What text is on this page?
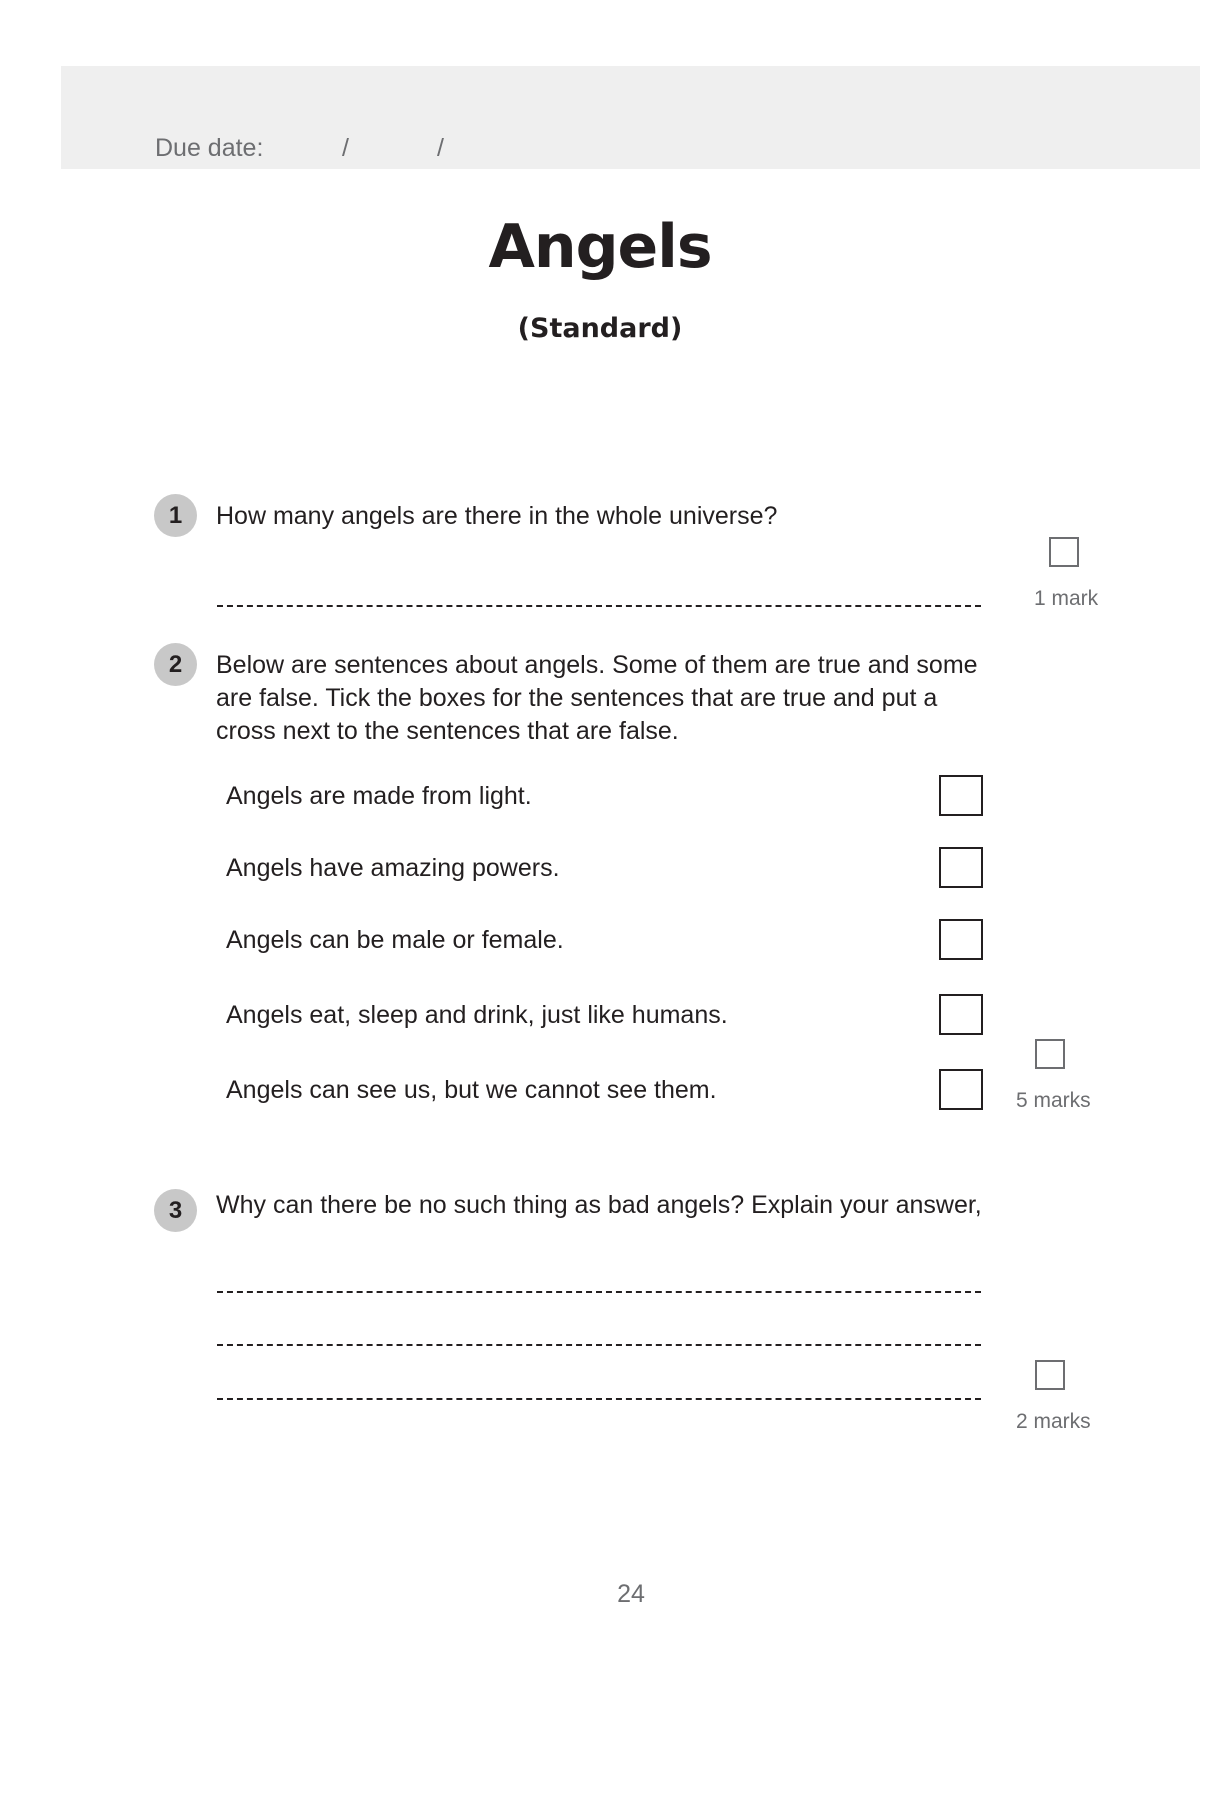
Due date:	/	/
Angels
(Standard)
1	How many angels are there in the whole universe?
1 mark
2	Below are sentences about angels. Some of them are true and some
are false. Tick the boxes for the sentences that are true and put a
cross next to the sentences that are false.
Angels are made from light.
Angels have amazing powers.
Angels can be male or female.
Angels eat, sleep and drink, just like humans.
Angels can see us, but we cannot see them.	5 marks
3	Why can there be no such thing as bad angels? Explain your answer,
2 marks
24
